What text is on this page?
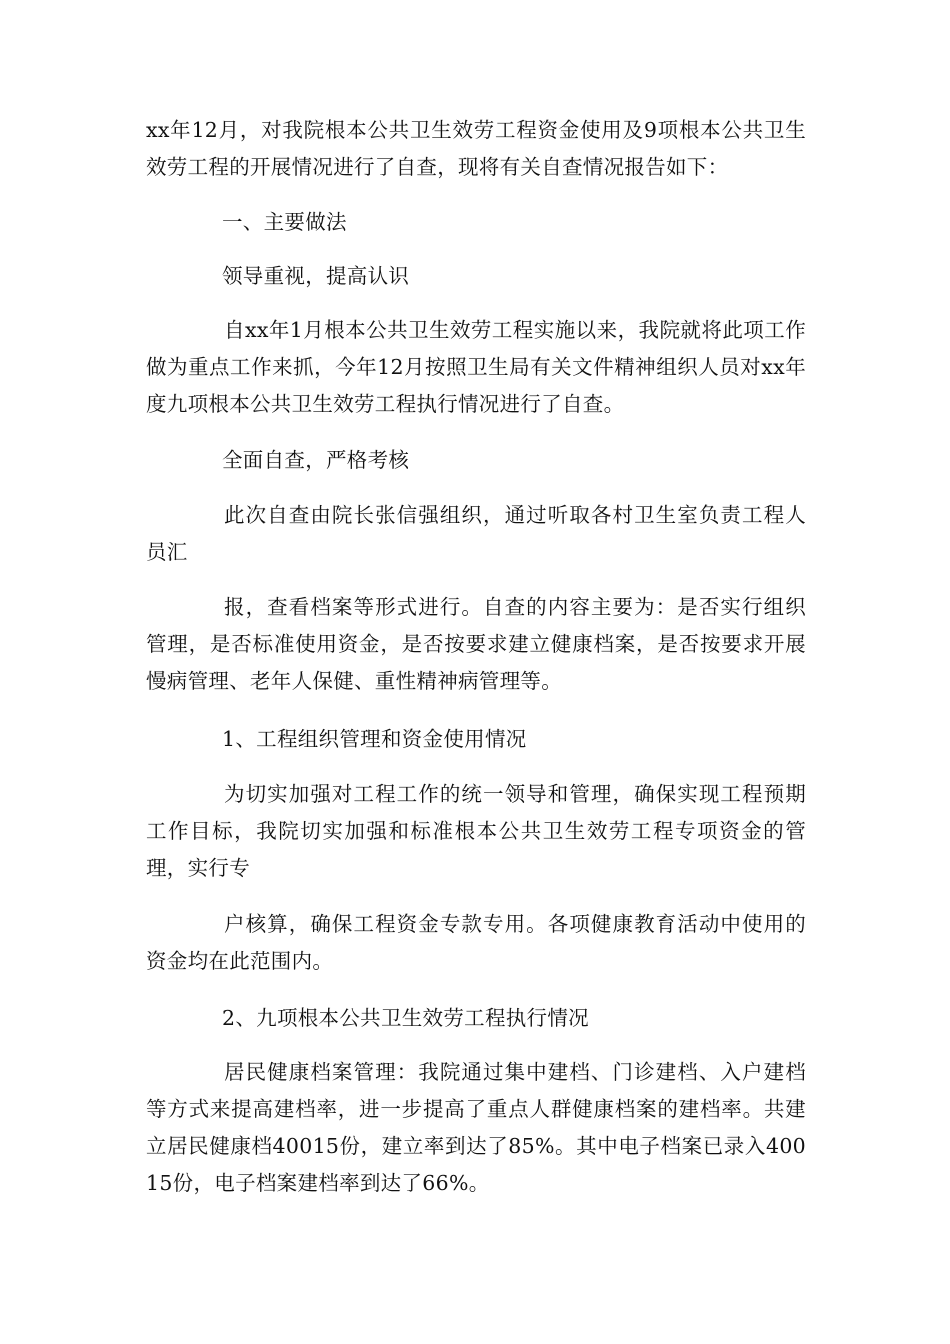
xx年12月，对我院根本公共卫生效劳工程资金使用及9项根本公共卫生效劳工程的开展情况进行了自查，现将有关自查情况报告如下：

一、主要做法

领导重视，提高认识

自xx年1月根本公共卫生效劳工程实施以来，我院就将此项工作做为重点工作来抓，今年12月按照卫生局有关文件精神组织人员对xx年度九项根本公共卫生效劳工程执行情况进行了自查。

全面自查，严格考核

此次自查由院长张信强组织，通过听取各村卫生室负责工程人员汇

报，查看档案等形式进行。自查的内容主要为：是否实行组织管理，是否标准使用资金，是否按要求建立健康档案，是否按要求开展慢病管理、老年人保健、重性精神病管理等。

1、工程组织管理和资金使用情况

为切实加强对工程工作的统一领导和管理，确保实现工程预期工作目标，我院切实加强和标准根本公共卫生效劳工程专项资金的管理，实行专

户核算，确保工程资金专款专用。各项健康教育活动中使用的资金均在此范围内。

2、九项根本公共卫生效劳工程执行情况

居民健康档案管理：我院通过集中建档、门诊建档、入户建档等方式来提高建档率，进一步提高了重点人群健康档案的建档率。共建立居民健康档40015份，建立率到达了85%。其中电子档案已录入40015份，电子档案建档率到达了66%。
